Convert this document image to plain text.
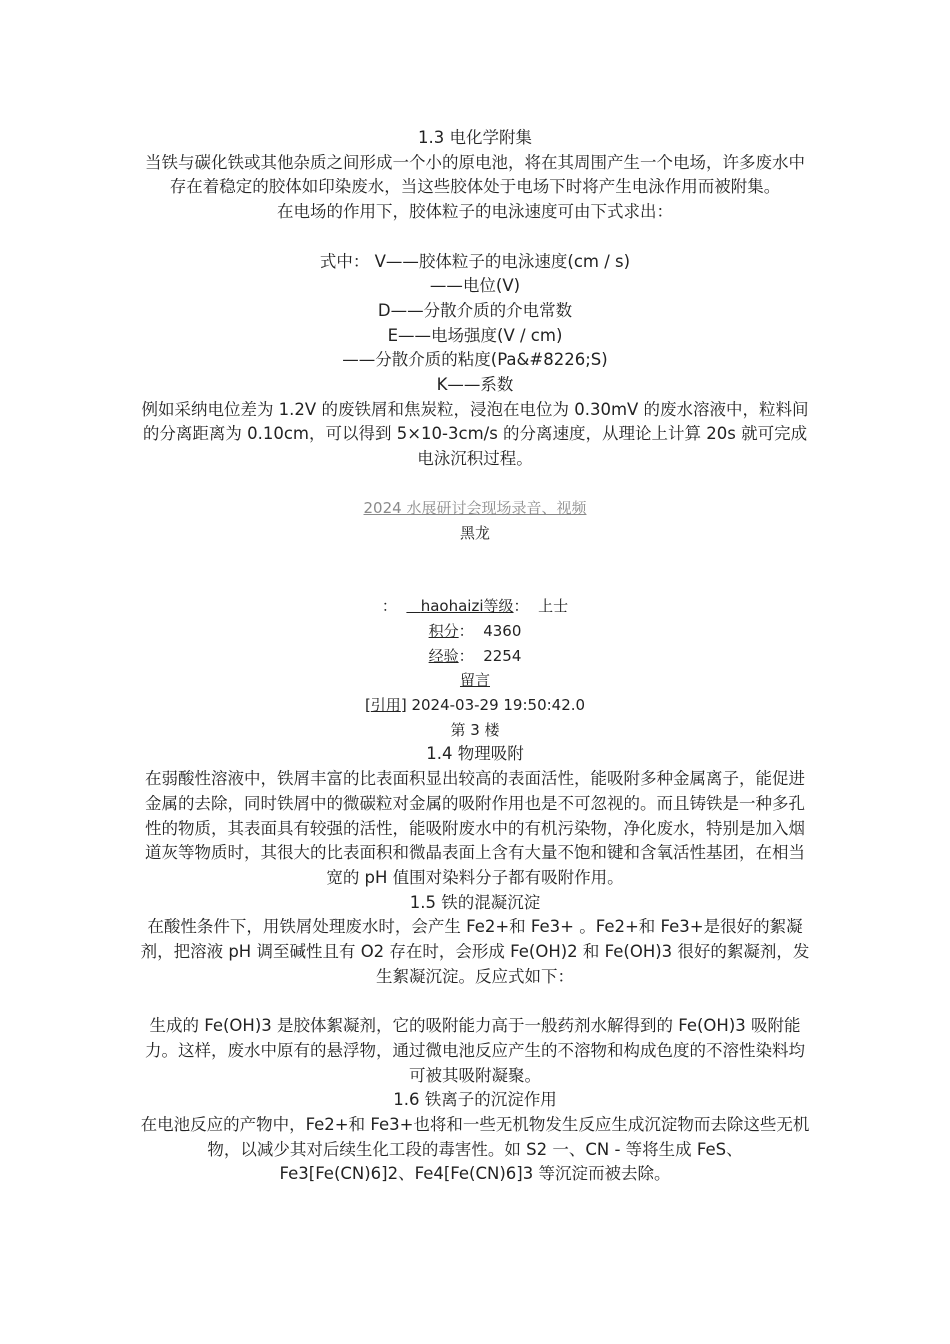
1.3 电化学附集
当铁与碳化铁或其他杂质之间形成一个小的原电池，将在其周围产生一个电场，许多废水中存在着稳定的胶体如印染废水，当这些胶体处于电场下时将产生电泳作用而被附集。
在电场的作用下，胶体粒子的电泳速度可由下式求出：
式中： V——胶体粒子的电泳速度(cm / s)
——电位(V)
D——分散介质的介电常数
E——电场强度(V / cm)
——分散介质的粘度(Pa&#8226;S)
K——系数
例如采纳电位差为 1.2V 的废铁屑和焦炭粒，浸泡在电位为 0.30mV 的废水溶液中，粒料间的分离距离为 0.10cm，可以得到 5×10-3cm/s 的分离速度，从理论上计算 20s 就可完成电泳沉积过程。
2024 水展研讨会现场录音、视频
黑龙
： haohaizi等级： 上士
积分：  4360
经验：  2254
留言
[引用] 2024-03-29 19:50:42.0
第 3 楼
1.4 物理吸附
在弱酸性溶液中，铁屑丰富的比表面积显出较高的表面活性，能吸附多种金属离子，能促进金属的去除，同时铁屑中的微碳粒对金属的吸附作用也是不可忽视的。而且铸铁是一种多孔性的物质，其表面具有较强的活性，能吸附废水中的有机污染物，净化废水，特别是加入烟道灰等物质时，其很大的比表面积和微晶表面上含有大量不饱和键和含氧活性基团，在相当宽的 pH 值围对染料分子都有吸附作用。
1.5 铁的混凝沉淀
在酸性条件下，用铁屑处理废水时，会产生 Fe2+和 Fe3+ 。Fe2+和 Fe3+是很好的絮凝剂，把溶液 pH 调至碱性且有 O2 存在时，会形成 Fe(OH)2 和 Fe(OH)3 很好的絮凝剂，发生絮凝沉淀。反应式如下：
生成的 Fe(OH)3 是胶体絮凝剂，它的吸附能力高于一般药剂水解得到的 Fe(OH)3 吸附能力。这样，废水中原有的悬浮物，通过微电池反应产生的不溶物和构成色度的不溶性染料均可被其吸附凝聚。
1.6 铁离子的沉淀作用
在电池反应的产物中，Fe2+和 Fe3+也将和一些无机物发生反应生成沉淀物而去除这些无机物，以减少其对后续生化工段的毒害性。如 S2 一、CN - 等将生成 FeS、Fe3[Fe(CN)6]2、Fe4[Fe(CN)6]3 等沉淀而被去除。
